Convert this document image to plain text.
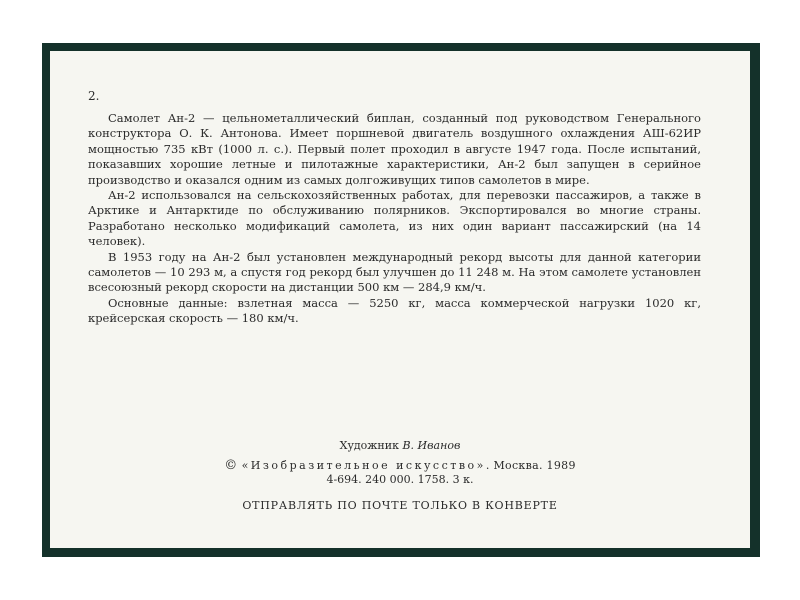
2.

Самолет Ан-2 — цельнометаллический биплан, созданный под руководством Генерального конструктора О. К. Антонова. Имеет поршневой двигатель воздушного охлаждения АШ-62ИР мощностью 735 кВт (1000 л. с.). Первый полет проходил в августе 1947 года. После испытаний, показавших хорошие летные и пилотажные характеристики, Ан-2 был запущен в серийное производство и оказался одним из самых долгоживущих типов самолетов в мире.

Ан-2 использовался на сельскохозяйственных работах, для перевозки пассажиров, а также в Арктике и Антарктиде по обслуживанию полярников. Экспортировался во многие страны. Разработано несколько модификаций самолета, из них один вариант пассажирский (на 14 человек).

В 1953 году на Ан-2 был установлен международный рекорд высоты для данной категории самолетов — 10 293 м, а спустя год рекорд был улучшен до 11 248 м. На этом самолете установлен всесоюзный рекорд скорости на дистанции 500 км — 284,9 км/ч.

Основные данные: взлетная масса — 5250 кг, масса коммерческой нагрузки 1020 кг, крейсерская скорость — 180 км/ч.

Художник В. Иванов
© «Изобразительное искусство». Москва. 1989
4-694. 240 000. 1758. 3 к.
ОТПРАВЛЯТЬ ПО ПОЧТЕ ТОЛЬКО В КОНВЕРТЕ
